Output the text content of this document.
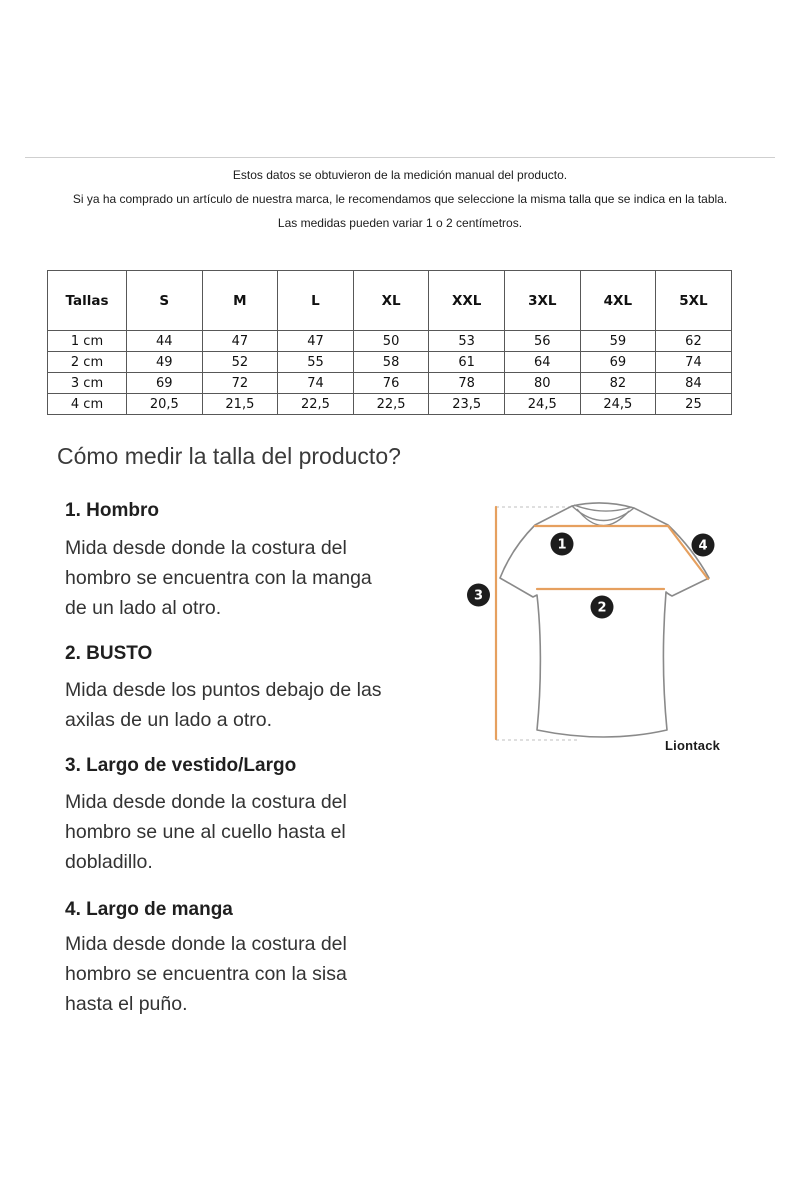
Estos datos se obtuvieron de la medición manual del producto.
Si ya ha comprado un artículo de nuestra marca, le recomendamos que seleccione la misma talla que se indica en la tabla.
Las medidas pueden variar 1 o 2 centímetros.
Tallas	S	M	L	XL	XXL	3XL	4XL	5XL
1 cm	44	47	47	50	53	56	59	62
2 cm	49	52	55	58	61	64	69	74
3 cm	69	72	74	76	78	80	82	84
4 cm	20,5	21,5	22,5	22,5	23,5	24,5	24,5	25
Cómo medir la talla del producto?
1. Hombro
Mida desde donde la costura del
hombro se encuentra con la manga
de un lado al otro.
2. BUSTO
Mida desde los puntos debajo de las
axilas de un lado a otro.
3. Largo de vestido/Largo
Mida desde donde la costura del
hombro se une al cuello hasta el
dobladillo.
4. Largo de manga
Mida desde donde la costura del
hombro se encuentra con la sisa
hasta el puño.
1
2
3
4
Liontack
